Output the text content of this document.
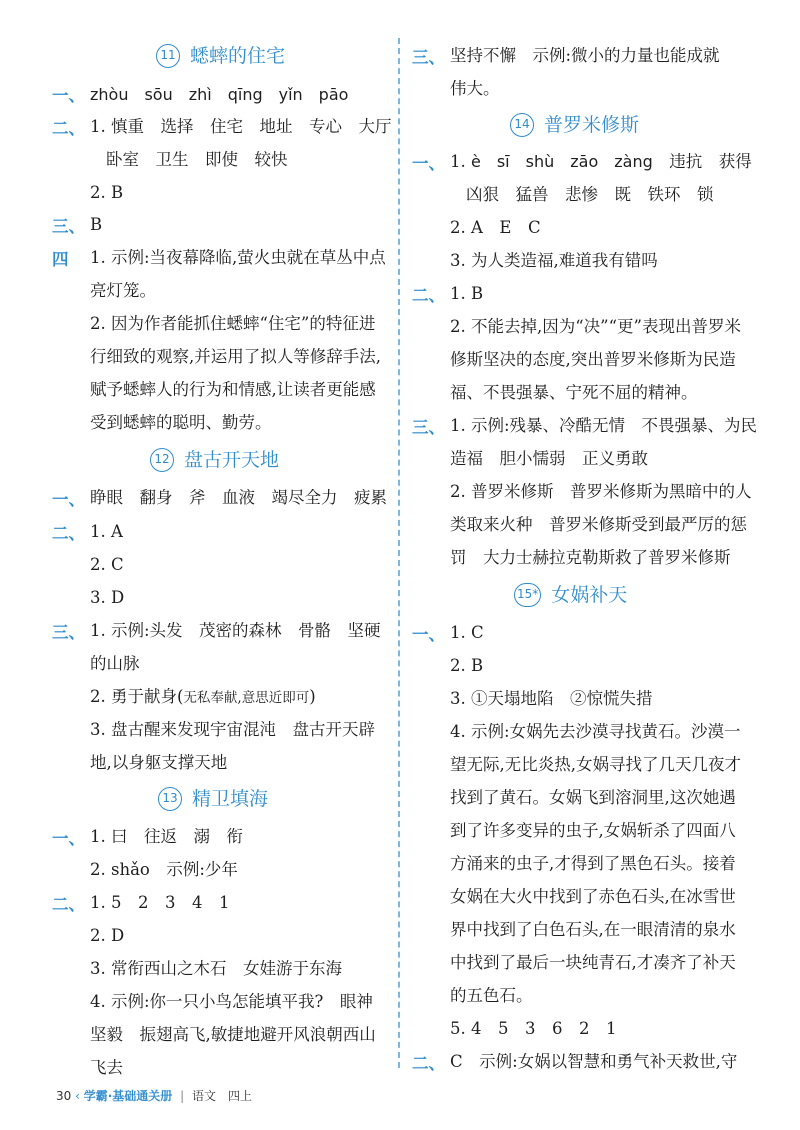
11 蟋蟀的住宅
一、 zhòu　sōu　zhì　qīng　yǐn　pāo
二、 1. 慎重　选择　住宅　地址　专心　大厅
卧室　卫生　即使　较快
2. B
三、 B
四 1. 示例:当夜幕降临,萤火虫就在草丛中点
亮灯笼。
2. 因为作者能抓住蟋蟀“住宅”的特征进
行细致的观察,并运用了拟人等修辞手法,
赋予蟋蟀人的行为和情感,让读者更能感
受到蟋蟀的聪明、勤劳。
12 盘古开天地
一、 睁眼　翻身　斧　血液　竭尽全力　疲累
二、 1. A
2. C
3. D
三、 1. 示例:头发　茂密的森林　骨骼　坚硬
的山脉
2. 勇于献身(无私奉献,意思近即可)
3. 盘古醒来发现宇宙混沌　盘古开天辟
地,以身躯支撑天地
13 精卫填海
一、 1. 曰　往返　溺　衔
2. shǎo　示例:少年
二、 1. 5　2　3　4　1
2. D
3. 常衔西山之木石　女娃游于东海
4. 示例:你一只小鸟怎能填平我?　眼神
坚毅　振翅高飞,敏捷地避开风浪朝西山
飞去
三、 坚持不懈　示例:微小的力量也能成就
伟大。
14 普罗米修斯
一、 1. è　sī　shù　zāo　zàng　违抗　获得
凶狠　猛兽　悲惨　既　铁环　锁
2. A　E　C
3. 为人类造福,难道我有错吗
二、 1. B
2. 不能去掉,因为“决”“更”表现出普罗米
修斯坚决的态度,突出普罗米修斯为民造
福、不畏强暴、宁死不屈的精神。
三、 1. 示例:残暴、冷酷无情　不畏强暴、为民
造福　胆小懦弱　正义勇敢
2. 普罗米修斯　普罗米修斯为黑暗中的人
类取来火种　普罗米修斯受到最严厉的惩
罚　大力士赫拉克勒斯救了普罗米修斯
15* 女娲补天
一、 1. C
2. B
3. ①天塌地陷　②惊慌失措
4. 示例:女娲先去沙漠寻找黄石。沙漠一
望无际,无比炎热,女娲寻找了几天几夜才
找到了黄石。女娲飞到溶洞里,这次她遇
到了许多变异的虫子,女娲斩杀了四面八
方涌来的虫子,才得到了黑色石头。接着
女娲在大火中找到了赤色石头,在冰雪世
界中找到了白色石头,在一眼清清的泉水
中找到了最后一块纯青石,才凑齐了补天
的五色石。
5. 4　5　3　6　2　1
二、 C　示例:女娲以智慧和勇气补天救世,守
30 ‹ 学霸·基础通关册 | 语文　四上
